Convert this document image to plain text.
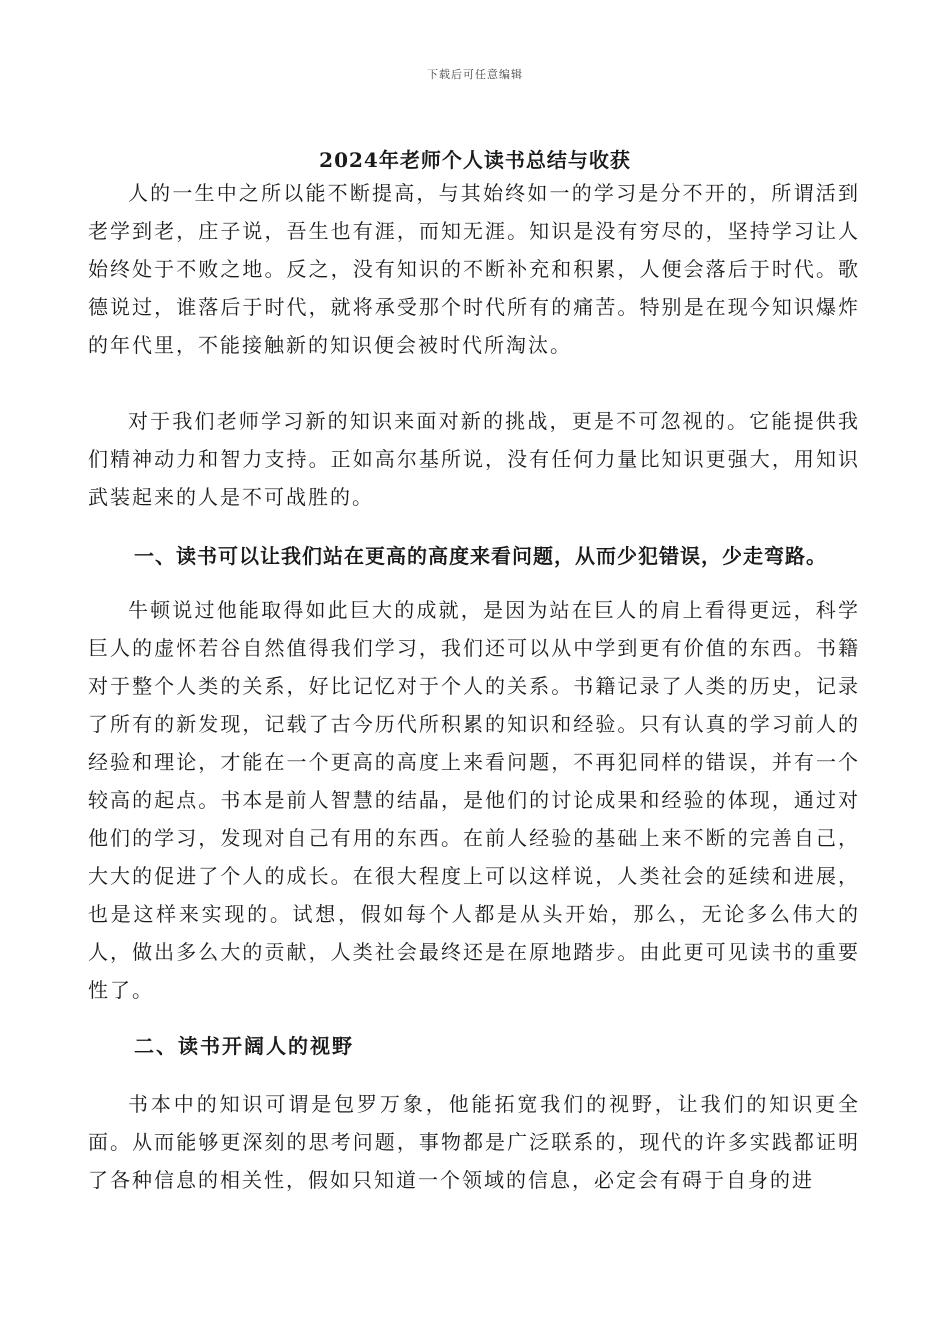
下载后可任意编辑
2024年老师个人读书总结与收获

人的一生中之所以能不断提高，与其始终如一的学习是分不开的，所谓活到老学到老，庄子说，吾生也有涯，而知无涯。知识是没有穷尽的，坚持学习让人始终处于不败之地。反之，没有知识的不断补充和积累，人便会落后于时代。歌德说过，谁落后于时代，就将承受那个时代所有的痛苦。特别是在现今知识爆炸的年代里，不能接触新的知识便会被时代所淘汰。

对于我们老师学习新的知识来面对新的挑战，更是不可忽视的。它能提供我们精神动力和智力支持。正如高尔基所说，没有任何力量比知识更强大，用知识武装起来的人是不可战胜的。

一、读书可以让我们站在更高的高度来看问题，从而少犯错误，少走弯路。

牛顿说过他能取得如此巨大的成就，是因为站在巨人的肩上看得更远，科学巨人的虚怀若谷自然值得我们学习，我们还可以从中学到更有价值的东西。书籍对于整个人类的关系，好比记忆对于个人的关系。书籍记录了人类的历史，记录了所有的新发现，记载了古今历代所积累的知识和经验。只有认真的学习前人的经验和理论，才能在一个更高的高度上来看问题，不再犯同样的错误，并有一个较高的起点。书本是前人智慧的结晶，是他们的讨论成果和经验的体现，通过对他们的学习，发现对自己有用的东西。在前人经验的基础上来不断的完善自己，大大的促进了个人的成长。在很大程度上可以这样说，人类社会的延续和进展，也是这样来实现的。试想，假如每个人都是从头开始，那么，无论多么伟大的人，做出多么大的贡献，人类社会最终还是在原地踏步。由此更可见读书的重要性了。

二、读书开阔人的视野

书本中的知识可谓是包罗万象，他能拓宽我们的视野，让我们的知识更全面。从而能够更深刻的思考问题，事物都是广泛联系的，现代的许多实践都证明了各种信息的相关性，假如只知道一个领域的信息，必定会有碍于自身的进
